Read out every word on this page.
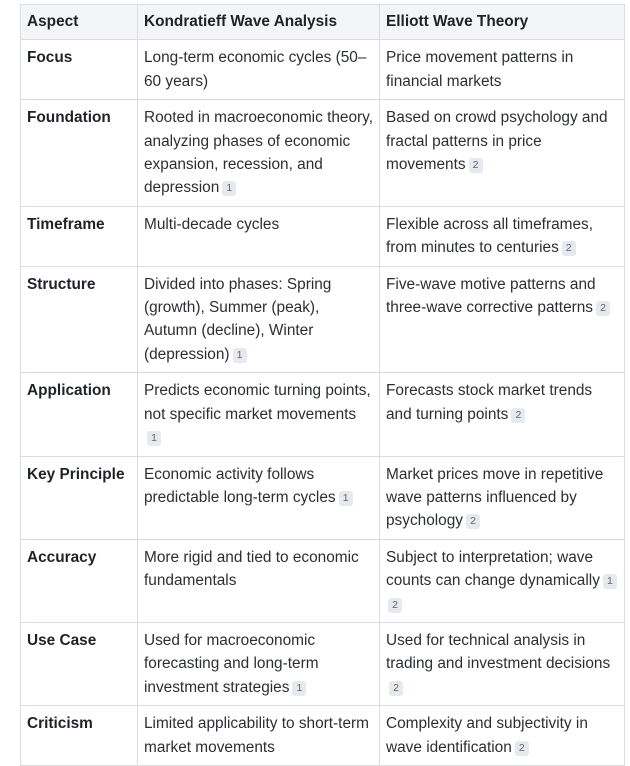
Aspect	Kondratieff Wave Analysis	Elliott Wave Theory
Focus	Long-term economic cycles (50–60 years)	Price movement patterns in financial markets
Foundation	Rooted in macroeconomic theory, analyzing phases of economic expansion, recession, and depression 1	Based on crowd psychology and fractal patterns in price movements 2
Timeframe	Multi-decade cycles	Flexible across all timeframes, from minutes to centuries 2
Structure	Divided into phases: Spring (growth), Summer (peak), Autumn (decline), Winter (depression) 1	Five-wave motive patterns and three-wave corrective patterns 2
Application	Predicts economic turning points, not specific market movements1	Forecasts stock market trends and turning points 2
Key Principle	Economic activity follows predictable long-term cycles 1	Market prices move in repetitive wave patterns influenced by psychology 2
Accuracy	More rigid and tied to economic fundamentals	Subject to interpretation; wave counts can change dynamically 12
Use Case	Used for macroeconomic forecasting and long-term investment strategies 1	Used for technical analysis in trading and investment decisions2
Criticism	Limited applicability to short-term market movements	Complexity and subjectivity in wave identification 2
